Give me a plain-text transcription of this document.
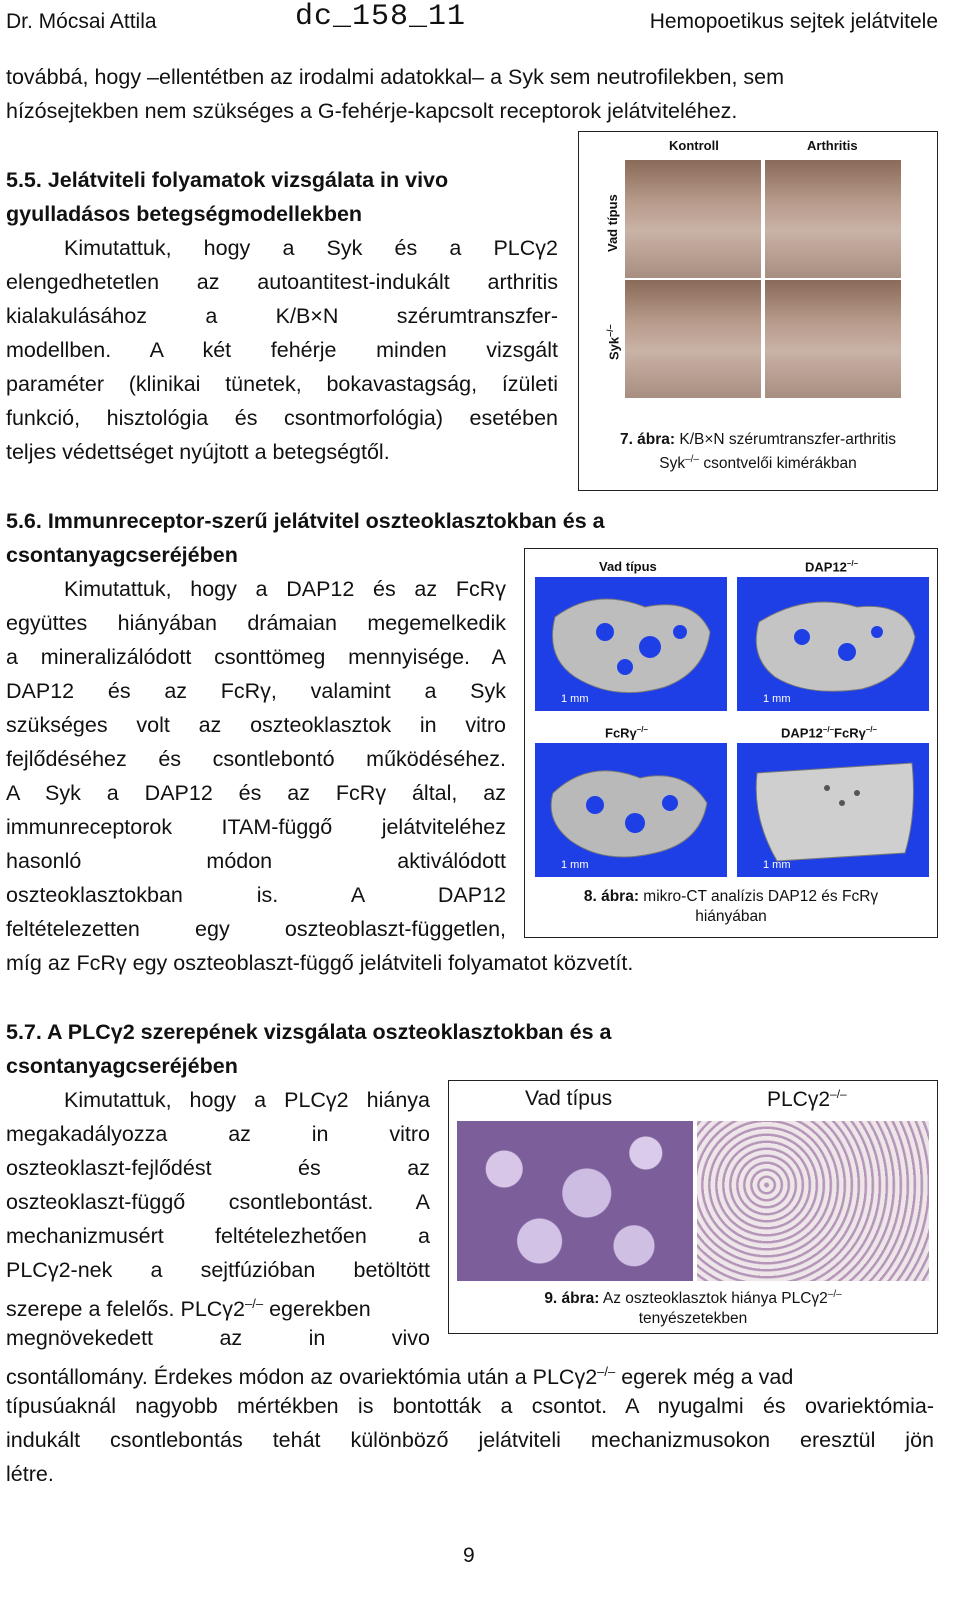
Dr. Mócsai Attila	dc_158_11	Hemopoetikus sejtek jelátvitele
továbbá, hogy –ellentétben az irodalmi adatokkal– a Syk sem neutrofilekben, sem
hízósejtekben nem szükséges a G-fehérje-kapcsolt receptorok jelátviteléhez.
5.5. Jelátviteli folyamatok vizsgálata in vivo
gyulladásos betegségmodellekben
Kimutattuk, hogy a Syk és a PLCγ2
elengedhetetlen az autoantitest-indukált arthritis
kialakulásához a K/B×N szérumtranszfer-
modellben. A két fehérje minden vizsgált
paraméter (klinikai tünetek, bokavastagság, ízületi
funkció, hisztológia és csontmorfológia) esetében
teljes védettséget nyújtott a betegségtől.
Kontroll	Arthritis
Vad típus
Syk–/–
7. ábra: K/B×N szérumtranszfer-arthritis
Syk–/– csontvelői kimérákban
5.6. Immunreceptor-szerű jelátvitel oszteoklasztokban és a
csontanyagcseréjében
Kimutattuk, hogy a DAP12 és az FcRγ
együttes hiányában drámaian megemelkedik
a mineralizálódott csonttömeg mennyisége. A
DAP12 és az FcRγ, valamint a Syk
szükséges volt az oszteoklasztok in vitro
fejlődéséhez és csontlebontó működéséhez.
A Syk a DAP12 és az FcRγ által, az
immunreceptorok ITAM-függő jelátviteléhez
hasonló módon aktiválódott
oszteoklasztokban is. A DAP12
feltételezetten egy oszteoblaszt-független,
míg az FcRγ egy oszteoblaszt-függő jelátviteli folyamatot közvetít.
Vad típus	DAP12–/–
1 mm	1 mm
FcRγ–/–	DAP12–/–FcRγ–/–
1 mm	1 mm
8. ábra: mikro-CT analízis DAP12 és FcRγ
hiányában
5.7. A PLCγ2 szerepének vizsgálata oszteoklasztokban és a
csontanyagcseréjében
Kimutattuk, hogy a PLCγ2 hiánya
megakadályozza az in vitro
oszteoklaszt-fejlődést és az
oszteoklaszt-függő csontlebontást. A
mechanizmusért feltételezhetően a
PLCγ2-nek a sejtfúzióban betöltött
szerepe a felelős. PLCγ2–/– egerekben
megnövekedett az in vivo
csontállomány. Érdekes módon az ovariektómia után a PLCγ2–/– egerek még a vad
típusúaknál nagyobb mértékben is bontották a csontot. A nyugalmi és ovariektómia-
indukált csontlebontás tehát különböző jelátviteli mechanizmusokon eresztül jön
létre.
Vad típus	PLCγ2–/–
9. ábra: Az oszteoklasztok hiánya PLCγ2–/–
tenyészetekben
9
